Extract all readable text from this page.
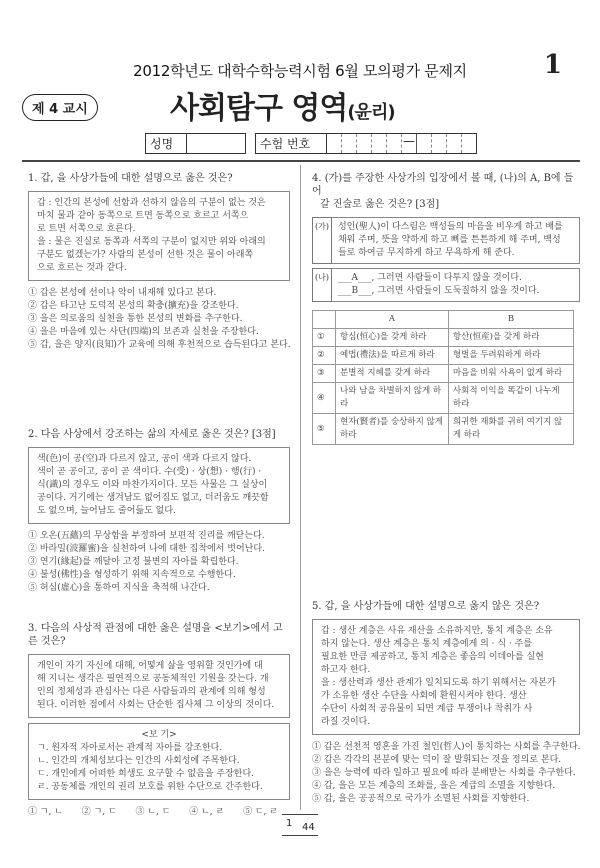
2012학년도 대학수학능력시험 6월 모의평가 문제지	1
제 4 교시	사회탐구 영역(윤리)
성명	수험 번호	—
1. 갑, 을 사상가들에 대한 설명으로 옳은 것은?
갑 : 인간의 본성에 선함과 선하지 않음의 구분이 없는 것은
마치 물과 같아 동쪽으로 트면 동쪽으로 흐르고 서쪽으
로 트면 서쪽으로 흐른다.
을 : 물은 진실로 동쪽과 서쪽의 구분이 없지만 위와 아래의
구분도 없겠는가? 사람의 본성이 선한 것은 물이 아래쪽
으로 흐르는 것과 같다.
① 갑은 본성에 선이나 악이 내재해 있다고 본다.
② 갑은 타고난 도덕적 본성의 확충(擴充)을 강조한다.
③ 을은 의로움의 실천을 통한 본성의 변화를 추구한다.
④ 을은 마음에 있는 사단(四端)의 보존과 실천을 주장한다.
⑤ 갑, 을은 양지(良知)가 교육에 의해 후천적으로 습득된다고 본다.
2. 다음 사상에서 강조하는 삶의 자세로 옳은 것은? [3점]
색(色)이 공(空)과 다르지 않고, 공이 색과 다르지 않다.
색이 곧 공이고, 공이 곧 색이다. 수(受) · 상(想) · 행(行) ·
식(識)의 경우도 이와 마찬가지이다. 모든 사물은 그 실상이
공이다. 거기에는 생겨남도 없어짐도 없고, 더러움도 깨끗함
도 없으며, 늘어남도 줄어듦도 없다.
① 오온(五蘊)의 무상함을 부정하여 보편적 진리를 깨닫는다.
② 바라밀(波羅蜜)을 실천하여 나에 대한 집착에서 벗어난다.
③ 연기(緣起)를 깨달아 고정 불변의 자아를 확립한다.
④ 불성(佛性)을 형성하기 위해 지속적으로 수행한다.
⑤ 허심(虛心)을 통하여 지식을 축적해 나간다.
3. 다음의 사상적 관점에 대한 옳은 설명을 <보기>에서 고른 것은?
개인이 자기 자신에 대해, 어떻게 삶을 영위할 것인가에 대
해 지니는 생각은 필연적으로 공동체적인 기원을 갖는다. 개
인의 정체성과 관심사는 다른 사람들과의 관계에 의해 형성
된다. 이러한 점에서 사회는 단순한 집사체 그 이상의 것이다.
<보 기>
ㄱ. 원자적 자아로서는 관계적 자아를 강조한다.
ㄴ. 인간의 개체성보다는 인간의 사회성에 주목한다.
ㄷ. 개인에게 어떠한 희생도 요구할 수 없음을 주장한다.
ㄹ. 공동체를 개인의 권리 보호를 위한 수단으로 간주한다.
① ㄱ, ㄴ ② ㄱ, ㄷ ③ ㄴ, ㄷ ④ ㄴ, ㄹ ⑤ ㄷ, ㄹ
4. (가)를 주장한 사상가의 입장에서 볼 때, (나)의 A, B에 들어
갈 진술로 옳은 것은? [3점]
(가)	성인(聖人)이 다스림은 백성들의 마음을 비우게 하고 배를
채워 주며, 뜻을 약하게 하고 뼈를 튼튼하게 해 주며, 백성
들로 하여금 무지하게 하고 무욕하게 해 준다.
(나)	___A___, 그러면 사람들이 다투지 않을 것이다.
___B___, 그러면 사람들이 도둑질하지 않을 것이다.
	A	B
①	항심(恒心)을 갖게 하라	항산(恒産)을 갖게 하라
②	예법(禮法)을 따르게 하라	형벌을 두려워하게 하라
③	분별적 지혜를 갖게 하라	마음을 비워 사욕이 없게 하라
④	나와 남을 차별하지 않게 하라	사회적 이익을 똑같이 나누게 하라
⑤	현자(賢者)를 숭상하지 않게 하라	희귀한 재화를 귀히 여기지 않게 하라
5. 갑, 을 사상가들에 대한 설명으로 옳지 않은 것은?
갑 : 생산 계층은 사유 재산을 소유하지만, 통치 계층은 소유
하지 않는다. 생산 계층은 통치 계층에게 의 · 식 · 주를
필요한 만큼 제공하고, 통치 계층은 좋음의 이데아를 실현
하고자 한다.
을 : 생산력과 생산 관계가 일치되도록 하기 위해서는 자본가
가 소유한 생산 수단을 사회에 환원시켜야 한다. 생산
수단이 사회적 공유물이 되면 계급 투쟁이나 착취가 사
라질 것이다.
① 갑은 선천적 영혼을 가진 철인(哲人)이 통치하는 사회를 추구한다.
② 갑은 각각의 본분에 맞는 덕이 잘 발휘되는 것을 정의로 본다.
③ 을은 능력에 따라 일하고 필요에 따라 분배받는 사회를 추구한다.
④ 갑, 을은 모든 계층의 조화를, 을은 계급의 소멸을 지향한다.
⑤ 갑, 을은 공공적으로 국가가 소멸된 사회를 지향한다.
1 44
